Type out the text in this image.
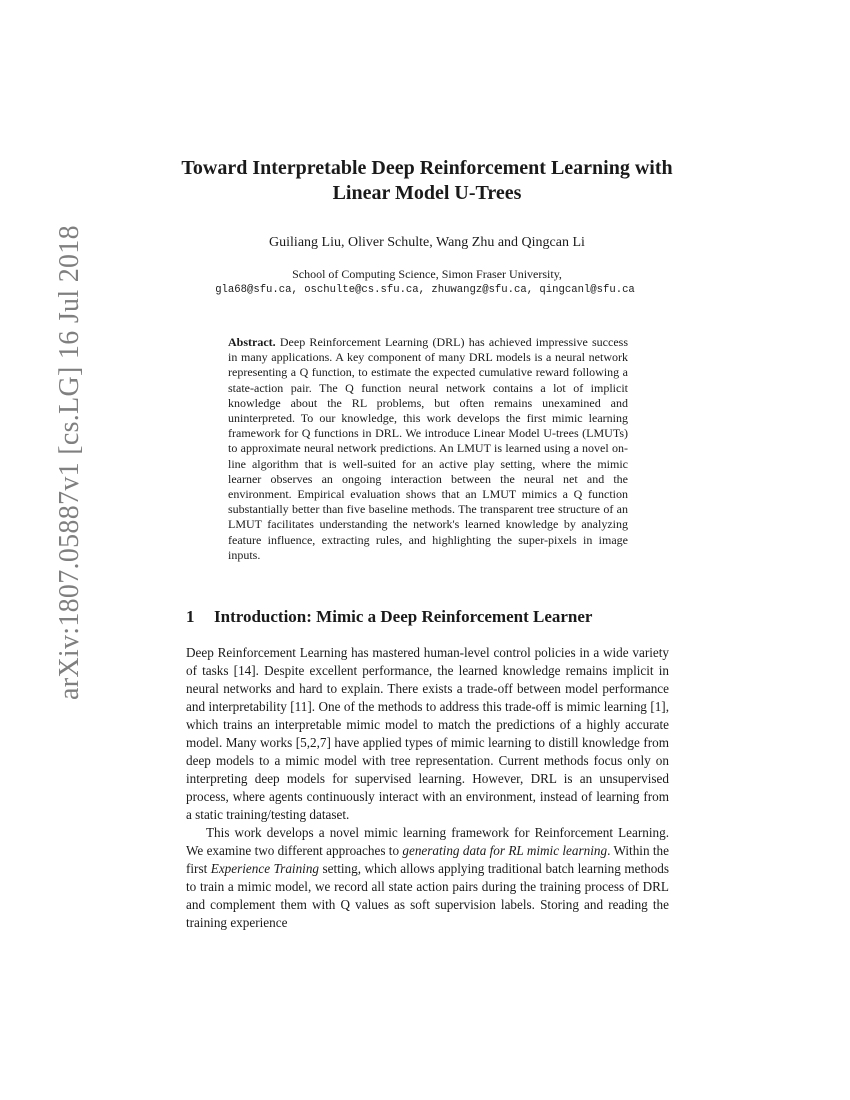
arXiv:1807.05887v1 [cs.LG] 16 Jul 2018
Toward Interpretable Deep Reinforcement Learning with Linear Model U-Trees
Guiliang Liu, Oliver Schulte, Wang Zhu and Qingcan Li
School of Computing Science, Simon Fraser University,
gla68@sfu.ca, oschulte@cs.sfu.ca, zhuwangz@sfu.ca, qingcanl@sfu.ca
Abstract. Deep Reinforcement Learning (DRL) has achieved impressive success in many applications. A key component of many DRL models is a neural network representing a Q function, to estimate the expected cumulative reward following a state-action pair. The Q function neural network contains a lot of implicit knowledge about the RL problems, but often remains unexamined and uninterpreted. To our knowledge, this work develops the first mimic learning framework for Q functions in DRL. We introduce Linear Model U-trees (LMUTs) to approximate neural network predictions. An LMUT is learned using a novel on-line algorithm that is well-suited for an active play setting, where the mimic learner observes an ongoing interaction between the neural net and the environment. Empirical evaluation shows that an LMUT mimics a Q function substantially better than five baseline methods. The transparent tree structure of an LMUT facilitates understanding the network's learned knowledge by analyzing feature influence, extracting rules, and highlighting the super-pixels in image inputs.
1 Introduction: Mimic a Deep Reinforcement Learner

Deep Reinforcement Learning has mastered human-level control policies in a wide variety of tasks [14]. Despite excellent performance, the learned knowledge remains implicit in neural networks and hard to explain. There exists a trade-off between model performance and interpretability [11]. One of the methods to address this trade-off is mimic learning [1], which trains an interpretable mimic model to match the predictions of a highly accurate model. Many works [5,2,7] have applied types of mimic learning to distill knowledge from deep models to a mimic model with tree representation. Current methods focus only on interpreting deep models for supervised learning. However, DRL is an unsupervised process, where agents continuously interact with an environment, instead of learning from a static training/testing dataset.

This work develops a novel mimic learning framework for Reinforcement Learning. We examine two different approaches to generating data for RL mimic learning. Within the first Experience Training setting, which allows applying traditional batch learning methods to train a mimic model, we record all state action pairs during the training process of DRL and complement them with Q values as soft supervision labels. Storing and reading the training experience
